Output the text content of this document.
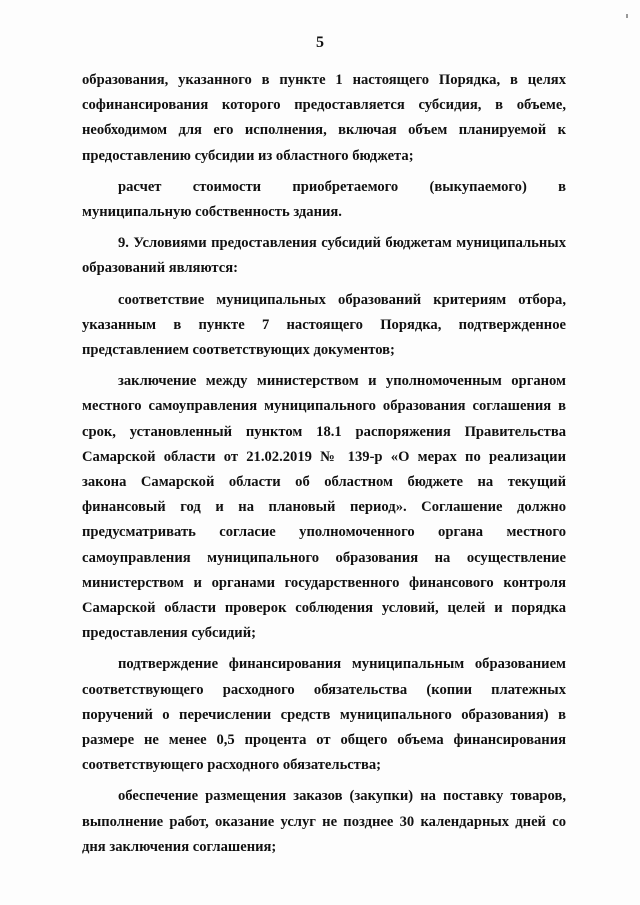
5

образования, указанного в пункте 1 настоящего Порядка, в целях софинансирования которого предоставляется субсидия, в объеме, необходимом для его исполнения, включая объем планируемой к предоставлению субсидии из областного бюджета;

расчет стоимости приобретаемого (выкупаемого) в муниципальную собственность здания.

9. Условиями предоставления субсидий бюджетам муниципальных образований являются:

соответствие муниципальных образований критериям отбора, указанным в пункте 7 настоящего Порядка, подтвержденное представлением соответствующих документов;

заключение между министерством и уполномоченным органом местного самоуправления муниципального образования соглашения в срок, установленный пунктом 18.1 распоряжения Правительства Самарской области от 21.02.2019 № 139-р «О мерах по реализации закона Самарской области об областном бюджете на текущий финансовый год и на плановый период». Соглашение должно предусматривать согласие уполномоченного органа местного самоуправления муниципального образования на осуществление министерством и органами государственного финансового контроля Самарской области проверок соблюдения условий, целей и порядка предоставления субсидий;

подтверждение финансирования муниципальным образованием соответствующего расходного обязательства (копии платежных поручений о перечислении средств муниципального образования) в размере не менее 0,5 процента от общего объема финансирования соответствующего расходного обязательства;

обеспечение размещения заказов (закупки) на поставку товаров, выполнение работ, оказание услуг не позднее 30 календарных дней со дня заключения соглашения;
